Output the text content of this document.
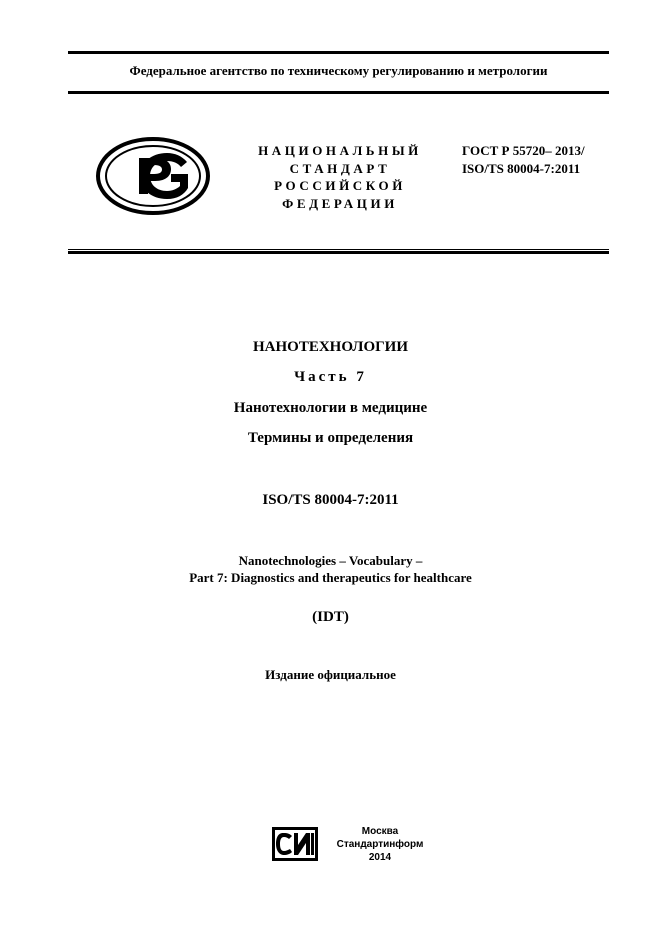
Федеральное агентство по техническому регулированию и метрологии
НАЦИОНАЛЬНЫЙ
СТАНДАРТ
РОССИЙСКОЙ
ФЕДЕРАЦИИ
ГОСТ Р 55720– 2013/
ISO/TS 80004-7:2011
НАНОТЕХНОЛОГИИ
Часть 7
Нанотехнологии в медицине
Термины и определения
ISO/TS 80004-7:2011
Nanotechnologies – Vocabulary –
Part 7: Diagnostics and therapeutics for healthcare
(IDT)
Издание официальное
Москва
Стандартинформ
2014
